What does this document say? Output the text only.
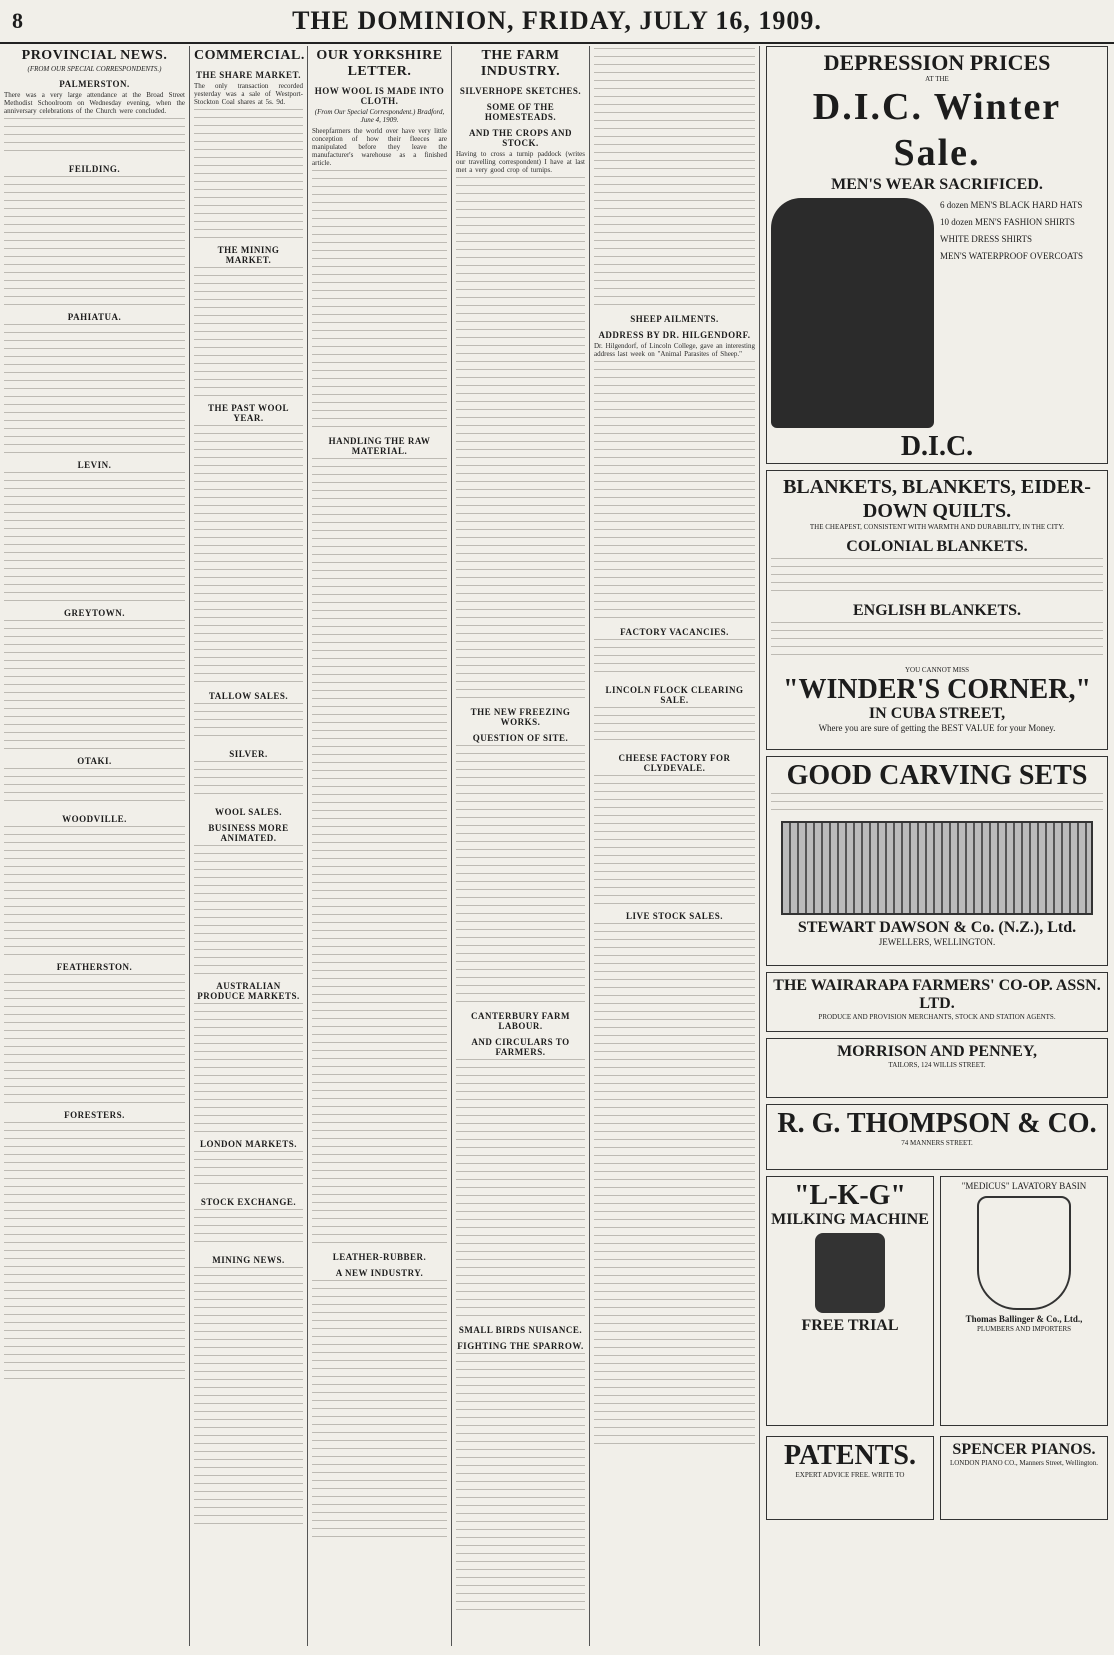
8	THE DOMINION, FRIDAY, JULY 16, 1909.
PROVINCIAL NEWS.
(FROM OUR SPECIAL CORRESPONDENTS.)
PALMERSTON.
There was a very large attendance at the Broad Street Methodist Schoolroom on Wednesday evening, when the anniversary celebrations of the Church were concluded.
FEILDING.
PAHIATUA.
LEVIN.
GREYTOWN.
OTAKI.
WOODVILLE.
FEATHERSTON.
FORESTERS.
COMMERCIAL.
THE SHARE MARKET.
The only transaction recorded yesterday was a sale of Westport-Stockton Coal shares at 5s. 9d.
THE MINING MARKET.
THE PAST WOOL YEAR.
TALLOW SALES.
SILVER.
WOOL SALES.
BUSINESS MORE ANIMATED.
AUSTRALIAN PRODUCE MARKETS.
LONDON MARKETS.
STOCK EXCHANGE.
MINING NEWS.
OUR YORKSHIRE LETTER.
HOW WOOL IS MADE INTO CLOTH.
(From Our Special Correspondent.) Bradford, June 4, 1909.
Sheepfarmers the world over have very little conception of how their fleeces are manipulated before they leave the manufacturer's warehouse as a finished article.
HANDLING THE RAW MATERIAL.
LEATHER-RUBBER.
A NEW INDUSTRY.
THE FARM INDUSTRY.
SILVERHOPE SKETCHES.
SOME OF THE HOMESTEADS.
AND THE CROPS AND STOCK.
Having to cross a turnip paddock (writes our travelling correspondent) I have at last met a very good crop of turnips.
THE NEW FREEZING WORKS.
QUESTION OF SITE.
CANTERBURY FARM LABOUR.
AND CIRCULARS TO FARMERS.
SMALL BIRDS NUISANCE.
FIGHTING THE SPARROW.
SHEEP AILMENTS.
ADDRESS BY DR. HILGENDORF.
Dr. Hilgendorf, of Lincoln College, gave an interesting address last week on "Animal Parasites of Sheep."
FACTORY VACANCIES.
LINCOLN FLOCK CLEARING SALE.
CHEESE FACTORY FOR CLYDEVALE.
LIVE STOCK SALES.
DEPRESSION PRICES
AT THE
D.I.C. Winter Sale.
MEN'S WEAR SACRIFICED.
6 dozen MEN'S BLACK HARD HATS
10 dozen MEN'S FASHION SHIRTS
WHITE DRESS SHIRTS
MEN'S WATERPROOF OVERCOATS
D.I.C.
BLANKETS, BLANKETS, EIDER-DOWN QUILTS.
THE CHEAPEST, CONSISTENT WITH WARMTH AND DURABILITY, IN THE CITY.
COLONIAL BLANKETS.
ENGLISH BLANKETS.
YOU CANNOT MISS
"WINDER'S CORNER,"
IN CUBA STREET,
Where you are sure of getting the BEST VALUE for your Money.
GOOD CARVING SETS
STEWART DAWSON & Co. (N.Z.), Ltd.
JEWELLERS, WELLINGTON.
THE WAIRARAPA FARMERS' CO-OP. ASSN. LTD.
PRODUCE AND PROVISION MERCHANTS, STOCK AND STATION AGENTS.
MORRISON AND PENNEY,
TAILORS, 124 WILLIS STREET.
R. G. THOMPSON & CO.
74 MANNERS STREET.
"L-K-G"
MILKING MACHINE
FREE TRIAL
"MEDICUS" LAVATORY BASIN
Thomas Ballinger & Co., Ltd.,
PLUMBERS AND IMPORTERS
PATENTS.
EXPERT ADVICE FREE. WRITE TO
SPENCER PIANOS.
LONDON PIANO CO., Manners Street, Wellington.
